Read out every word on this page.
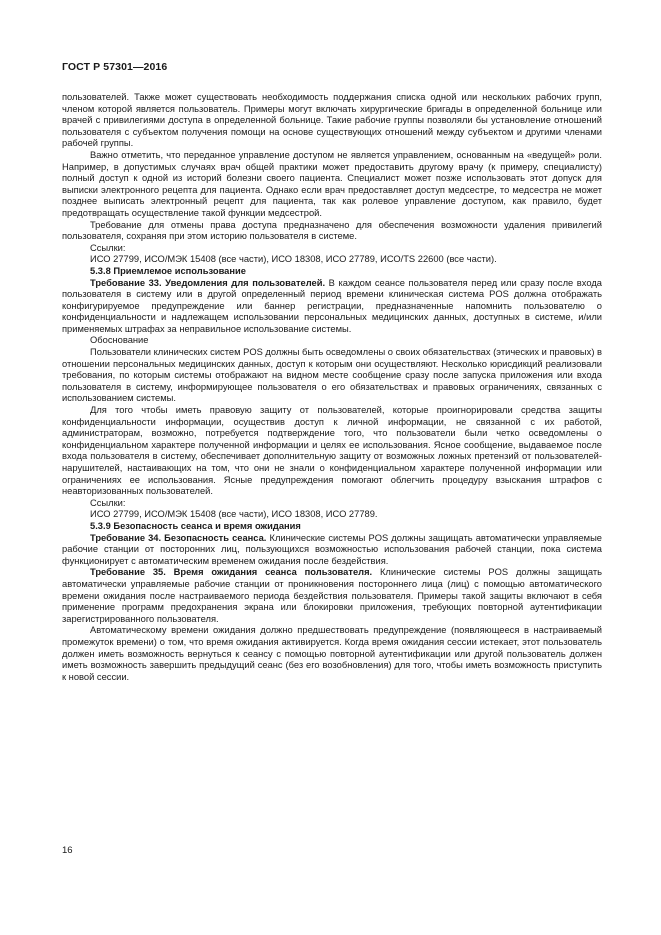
ГОСТ Р 57301—2016

пользователей. Также может существовать необходимость поддержания списка одной или нескольких рабочих групп, членом которой является пользователь. Примеры могут включать хирургические бригады в определенной больнице или врачей с привилегиями доступа в определенной больнице. Такие рабочие группы позволяли бы установление отношений пользователя с субъектом получения помощи на основе существующих отношений между субъектом и другими членами рабочей группы.

Важно отметить, что переданное управление доступом не является управлением, основанным на «ведущей» роли. Например, в допустимых случаях врач общей практики может предоставить другому врачу (к примеру, специалисту) полный доступ к одной из историй болезни своего пациента. Специалист может позже использовать этот допуск для выписки электронного рецепта для пациента. Однако если врач предоставляет доступ медсестре, то медсестра не может позднее выписать электронный рецепт для пациента, так как ролевое управление доступом, как правило, будет предотвращать осуществление такой функции медсестрой.

Требование для отмены права доступа предназначено для обеспечения возможности удаления привилегий пользователя, сохраняя при этом историю пользователя в системе.

Ссылки:

ИСО 27799, ИСО/МЭК 15408 (все части), ИСО 18308, ИСО 27789, ИСО/TS 22600 (все части).

5.3.8 Приемлемое использование

Требование 33. Уведомления для пользователей. В каждом сеансе пользователя перед или сразу после входа пользователя в систему или в другой определенный период времени клиническая система POS должна отображать конфигурируемое предупреждение или баннер регистрации, предназначенные напомнить пользователю о конфиденциальности и надлежащем использовании персональных медицинских данных, доступных в системе, и/или применяемых штрафах за неправильное использование системы.

Обоснование

Пользователи клинических систем POS должны быть осведомлены о своих обязательствах (этических и правовых) в отношении персональных медицинских данных, доступ к которым они осуществляют. Несколько юрисдикций реализовали требования, по которым системы отображают на видном месте сообщение сразу после запуска приложения или входа пользователя в систему, информирующее пользователя о его обязательствах и правовых ограничениях, связанных с использованием системы.

Для того чтобы иметь правовую защиту от пользователей, которые проигнорировали средства защиты конфиденциальности информации, осуществив доступ к личной информации, не связанной с их работой, администраторам, возможно, потребуется подтверждение того, что пользователи были четко осведомлены о конфиденциальном характере полученной информации и целях ее использования. Ясное сообщение, выдаваемое после входа пользователя в систему, обеспечивает дополнительную защиту от возможных ложных претензий от пользователей-нарушителей, настаивающих на том, что они не знали о конфиденциальном характере полученной информации или ограничениях ее использования. Ясные предупреждения помогают облегчить процедуру взыскания штрафов с неавторизованных пользователей.

Ссылки:

ИСО 27799, ИСО/МЭК 15408 (все части), ИСО 18308, ИСО 27789.

5.3.9 Безопасность сеанса и время ожидания

Требование 34. Безопасность сеанса. Клинические системы POS должны защищать автоматически управляемые рабочие станции от посторонних лиц, пользующихся возможностью использования рабочей станции, пока система функционирует с автоматическим временем ожидания после бездействия.

Требование 35. Время ожидания сеанса пользователя. Клинические системы POS должны защищать автоматически управляемые рабочие станции от проникновения постороннего лица (лиц) с помощью автоматического времени ожидания после настраиваемого периода бездействия пользователя. Примеры такой защиты включают в себя применение программ предохранения экрана или блокировки приложения, требующих повторной аутентификации зарегистрированного пользователя.

Автоматическому времени ожидания должно предшествовать предупреждение (появляющееся в настраиваемый промежуток времени) о том, что время ожидания активируется. Когда время ожидания сессии истекает, этот пользователь должен иметь возможность вернуться к сеансу с помощью повторной аутентификации или другой пользователь должен иметь возможность завершить предыдущий сеанс (без его возобновления) для того, чтобы иметь возможность приступить к новой сессии.

16
